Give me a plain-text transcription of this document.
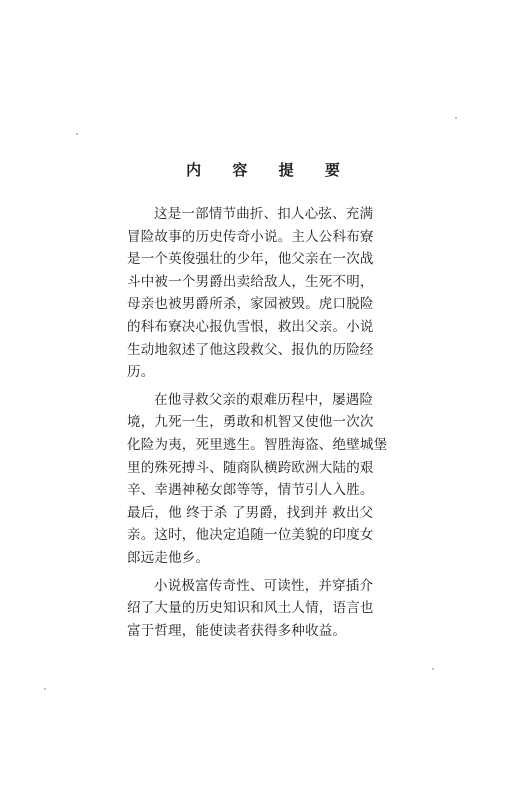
内 容 提 要

这是一部情节曲折、扣人心弦、充满
冒险故事的历史传奇小说。主人公科布寮
是一个英俊强壮的少年，他父亲在一次战
斗中被一个男爵出卖给敌人，生死不明，
母亲也被男爵所杀，家园被毁。虎口脱险
的科布寮决心报仇雪恨，救出父亲。小说
生动地叙述了他这段救父、报仇的历险经
历。

在他寻救父亲的艰难历程中，屡遇险
境，九死一生，勇敢和机智又使他一次次
化险为夷，死里逃生。智胜海盗、绝壁城堡
里的殊死搏斗、随商队横跨欧洲大陆的艰
辛、幸遇神秘女郎等等，情节引人入胜。
最后，他 终于杀 了男爵，找到并 救出父
亲。这时，他决定追随一位美貌的印度女
郎远走他乡。

小说极富传奇性、可读性，并穿插介
绍了大量的历史知识和风土人情，语言也
富于哲理，能使读者获得多种收益。
